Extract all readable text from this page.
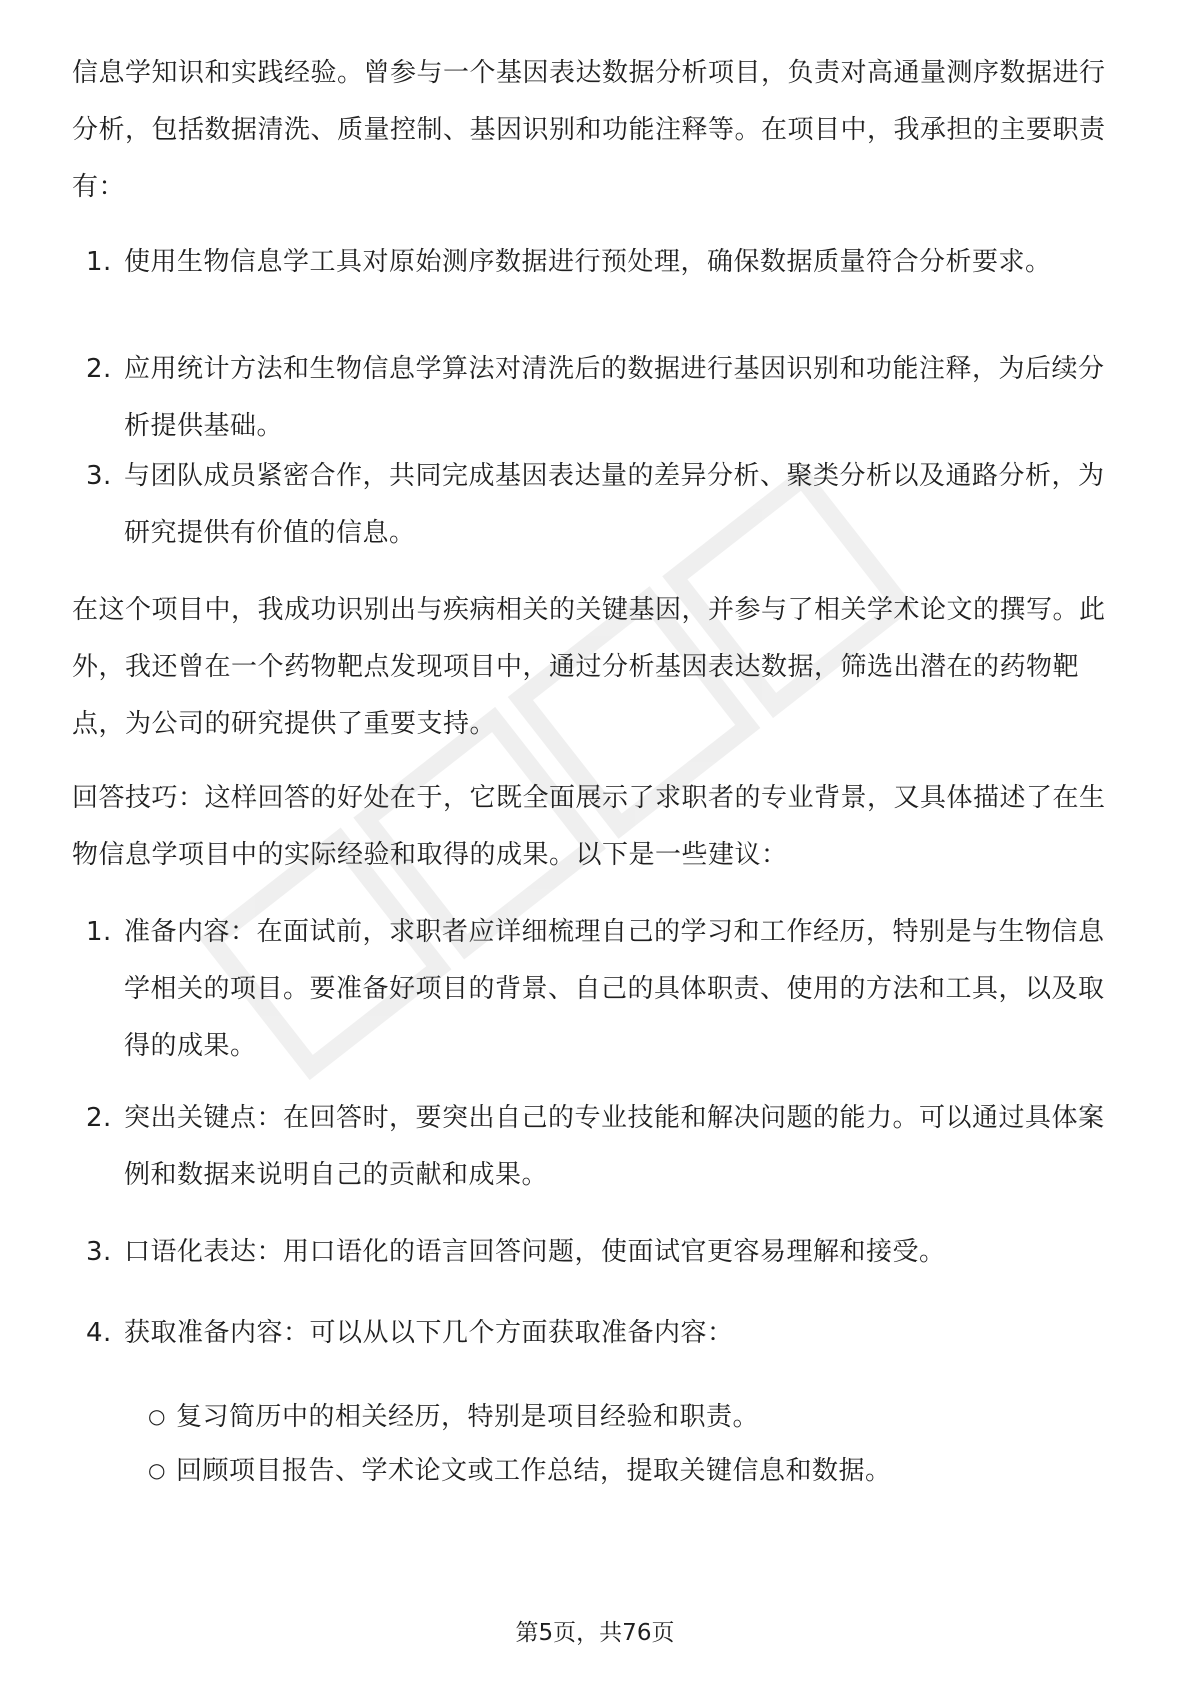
信息学知识和实践经验。曾参与一个基因表达数据分析项目，负责对高通量测序数据进行分析，包括数据清洗、质量控制、基因识别和功能注释等。在项目中，我承担的主要职责有：

1. 使用生物信息学工具对原始测序数据进行预处理，确保数据质量符合分析要求。
2. 应用统计方法和生物信息学算法对清洗后的数据进行基因识别和功能注释，为后续分析提供基础。
3. 与团队成员紧密合作，共同完成基因表达量的差异分析、聚类分析以及通路分析，为研究提供有价值的信息。

在这个项目中，我成功识别出与疾病相关的关键基因，并参与了相关学术论文的撰写。此外，我还曾在一个药物靶点发现项目中，通过分析基因表达数据，筛选出潜在的药物靶点，为公司的研究提供了重要支持。

回答技巧：这样回答的好处在于，它既全面展示了求职者的专业背景，又具体描述了在生物信息学项目中的实际经验和取得的成果。以下是一些建议：

1. 准备内容：在面试前，求职者应详细梳理自己的学习和工作经历，特别是与生物信息学相关的项目。要准备好项目的背景、自己的具体职责、使用的方法和工具，以及取得的成果。
2. 突出关键点：在回答时，要突出自己的专业技能和解决问题的能力。可以通过具体案例和数据来说明自己的贡献和成果。
3. 口语化表达：用口语化的语言回答问题，使面试官更容易理解和接受。
4. 获取准备内容：可以从以下几个方面获取准备内容：
○ 复习简历中的相关经历，特别是项目经验和职责。
○ 回顾项目报告、学术论文或工作总结，提取关键信息和数据。
第5页，共76页
